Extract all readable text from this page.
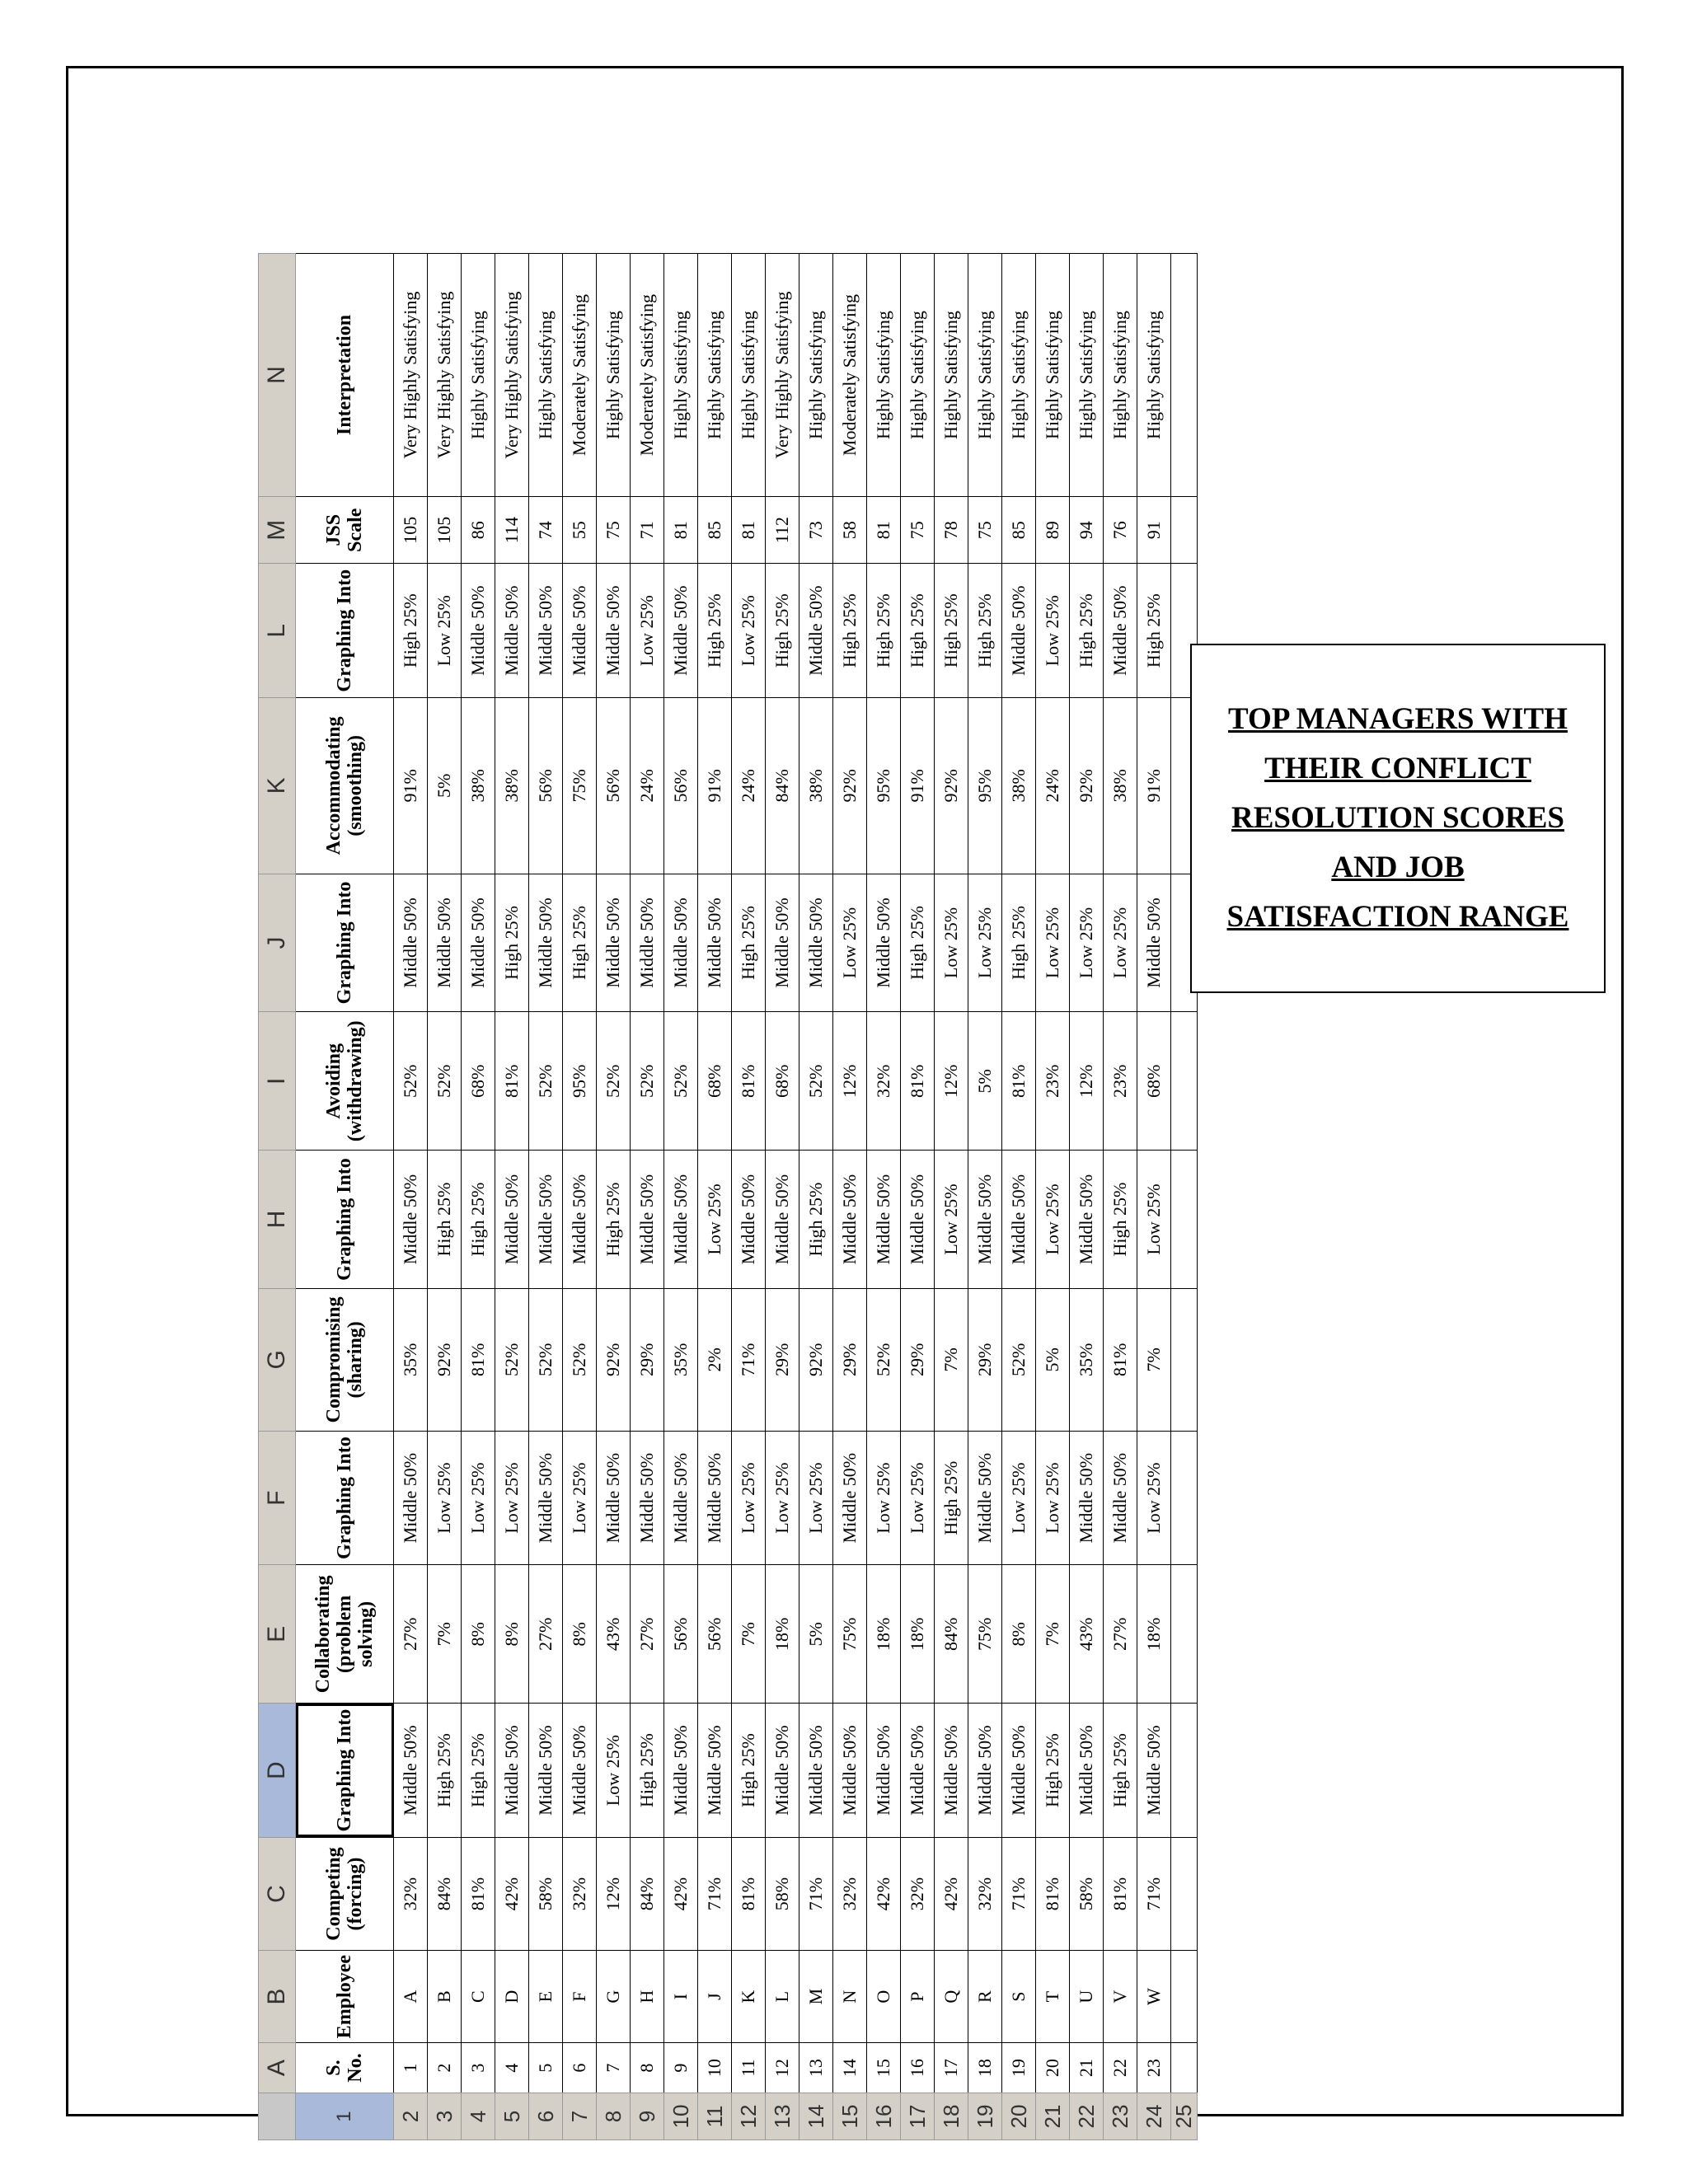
	A	B	C	D	E	F	G	H	I	J	K	L	M	N
1	S. No.	Employee	Competing (forcing)	Graphing Into	Collaborating (problem solving)	Graphing Into	Compromising (sharing)	Graphing Into	Avoiding (withdrawing)	Graphing Into	Accommodating (smoothing)	Graphing Into	JSS Scale	Interpretation
2	1	A	32%	Middle 50%	27%	Middle 50%	35%	Middle 50%	52%	Middle 50%	91%	High 25%	105	Very Highly Satisfying
3	2	B	84%	High 25%	7%	Low 25%	92%	High 25%	52%	Middle 50%	5%	Low 25%	105	Very Highly Satisfying
4	3	C	81%	High 25%	8%	Low 25%	81%	High 25%	68%	Middle 50%	38%	Middle 50%	86	Highly Satisfying
5	4	D	42%	Middle 50%	8%	Low 25%	52%	Middle 50%	81%	High 25%	38%	Middle 50%	114	Very Highly Satisfying
6	5	E	58%	Middle 50%	27%	Middle 50%	52%	Middle 50%	52%	Middle 50%	56%	Middle 50%	74	Highly Satisfying
7	6	F	32%	Middle 50%	8%	Low 25%	52%	Middle 50%	95%	High 25%	75%	Middle 50%	55	Moderately Satisfying
8	7	G	12%	Low 25%	43%	Middle 50%	92%	High 25%	52%	Middle 50%	56%	Middle 50%	75	Highly Satisfying
9	8	H	84%	High 25%	27%	Middle 50%	29%	Middle 50%	52%	Middle 50%	24%	Low 25%	71	Moderately Satisfying
10	9	I	42%	Middle 50%	56%	Middle 50%	35%	Middle 50%	52%	Middle 50%	56%	Middle 50%	81	Highly Satisfying
11	10	J	71%	Middle 50%	56%	Middle 50%	2%	Low 25%	68%	Middle 50%	91%	High 25%	85	Highly Satisfying
12	11	K	81%	High 25%	7%	Low 25%	71%	Middle 50%	81%	High 25%	24%	Low 25%	81	Highly Satisfying
13	12	L	58%	Middle 50%	18%	Low 25%	29%	Middle 50%	68%	Middle 50%	84%	High 25%	112	Very Highly Satisfying
14	13	M	71%	Middle 50%	5%	Low 25%	92%	High 25%	52%	Middle 50%	38%	Middle 50%	73	Highly Satisfying
15	14	N	32%	Middle 50%	75%	Middle 50%	29%	Middle 50%	12%	Low 25%	92%	High 25%	58	Moderately Satisfying
16	15	O	42%	Middle 50%	18%	Low 25%	52%	Middle 50%	32%	Middle 50%	95%	High 25%	81	Highly Satisfying
17	16	P	32%	Middle 50%	18%	Low 25%	29%	Middle 50%	81%	High 25%	91%	High 25%	75	Highly Satisfying
18	17	Q	42%	Middle 50%	84%	High 25%	7%	Low 25%	12%	Low 25%	92%	High 25%	78	Highly Satisfying
19	18	R	32%	Middle 50%	75%	Middle 50%	29%	Middle 50%	5%	Low 25%	95%	High 25%	75	Highly Satisfying
20	19	S	71%	Middle 50%	8%	Low 25%	52%	Middle 50%	81%	High 25%	38%	Middle 50%	85	Highly Satisfying
21	20	T	81%	High 25%	7%	Low 25%	5%	Low 25%	23%	Low 25%	24%	Low 25%	89	Highly Satisfying
22	21	U	58%	Middle 50%	43%	Middle 50%	35%	Middle 50%	12%	Low 25%	92%	High 25%	94	Highly Satisfying
23	22	V	81%	High 25%	27%	Middle 50%	81%	High 25%	23%	Low 25%	38%	Middle 50%	76	Highly Satisfying
24	23	W	71%	Middle 50%	18%	Low 25%	7%	Low 25%	68%	Middle 50%	91%	High 25%	91	Highly Satisfying
25														
TOP MANAGERS WITH THEIR CONFLICT RESOLUTION SCORES AND JOB SATISFACTION RANGE
